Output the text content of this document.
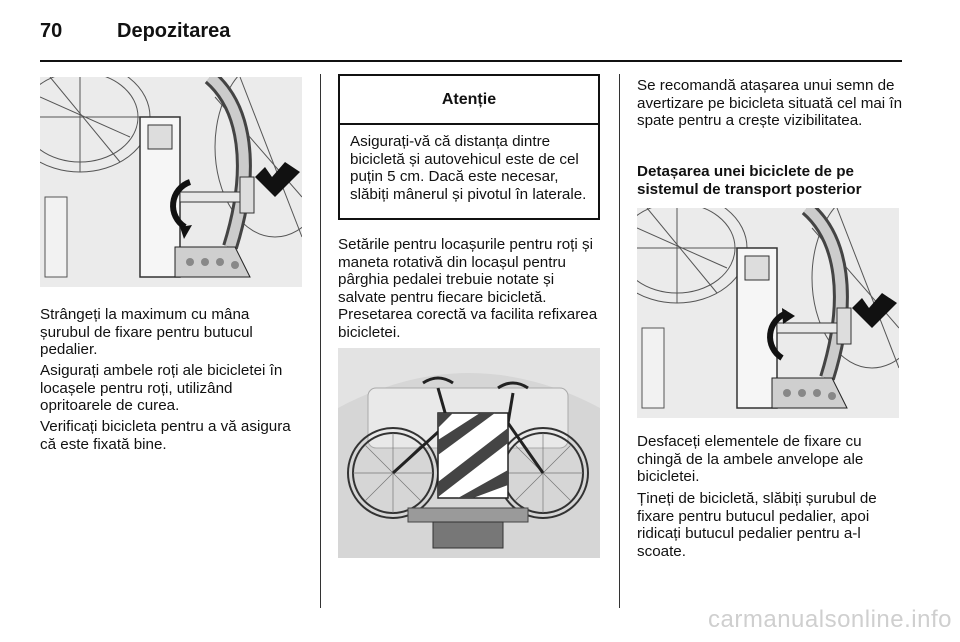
70	Depozitarea

Strângeți la maximum cu mâna șurubul de fixare pentru butucul pedalier.

Asigurați ambele roți ale bicicletei în locașele pentru roți, utilizând opritoarele de curea.

Verificați bicicleta pentru a vă asigura că este fixată bine.

Atenție
Asigurați-vă că distanța dintre bicicletă și autovehicul este de cel puțin 5 cm. Dacă este necesar, slăbiți mânerul și pivotul în laterale.

Setările pentru locașurile pentru roți și maneta rotativă din locașul pentru pârghia pedalei trebuie notate și salvate pentru fiecare bicicletă. Presetarea corectă va facilita refixarea bicicletei.

Se recomandă atașarea unui semn de avertizare pe bicicleta situată cel mai în spate pentru a crește vizibilitatea.

Detașarea unei biciclete de pe sistemul de transport posterior

Desfaceți elementele de fixare cu chingă de la ambele anvelope ale bicicletei.

Țineți de bicicletă, slăbiți șurubul de fixare pentru butucul pedalier, apoi ridicați butucul pedalier pentru a-l scoate.

carmanualsonline.info
